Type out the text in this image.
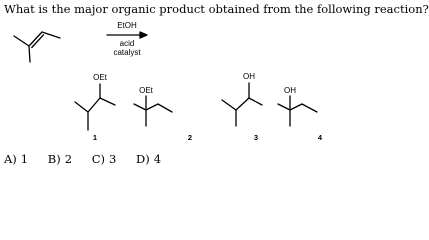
What is the major organic product obtained from the following reaction?
EtOH
acid
catalyst
OEt
OEt
OH
OH
1	2	3	4
A) 1 B) 2 C) 3 D) 4
